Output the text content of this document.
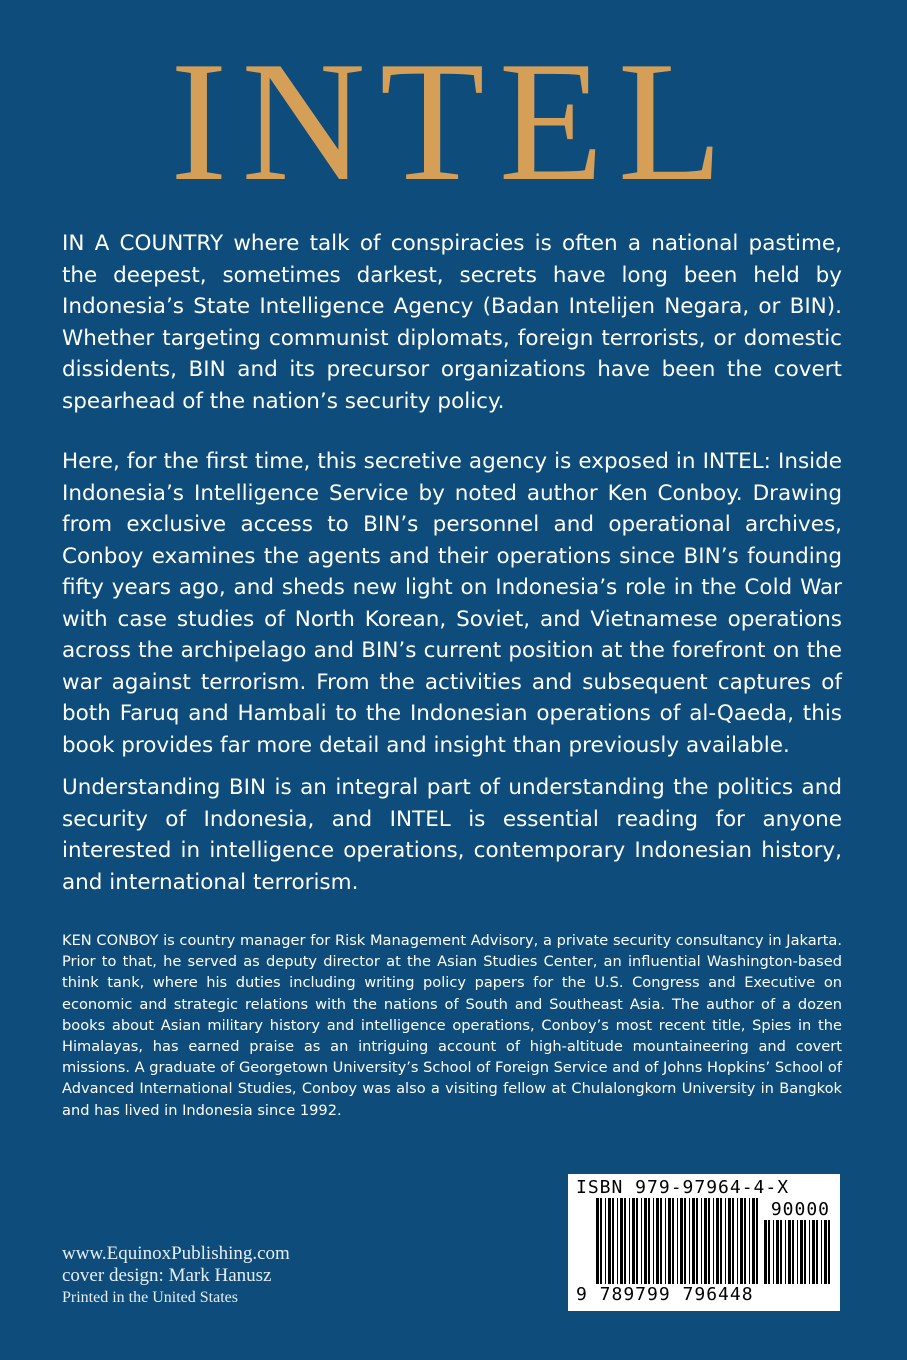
INTEL

IN A COUNTRY where talk of conspiracies is often a national pastime, the deepest, sometimes darkest, secrets have long been held by Indonesia’s State Intelligence Agency (Badan Intelijen Negara, or BIN). Whether targeting communist diplomats, foreign terrorists, or domestic dissidents, BIN and its precursor organizations have been the covert spearhead of the nation’s security policy.

Here, for the first time, this secretive agency is exposed in INTEL: Inside Indonesia’s Intelligence Service by noted author Ken Conboy. Drawing from exclusive access to BIN’s personnel and operational archives, Conboy examines the agents and their operations since BIN’s founding fifty years ago, and sheds new light on Indonesia’s role in the Cold War with case studies of North Korean, Soviet, and Vietnamese operations across the archipelago and BIN’s current position at the forefront on the war against terrorism. From the activities and subsequent captures of both Faruq and Hambali to the Indonesian operations of al-Qaeda, this book provides far more detail and insight than previously available.

Understanding BIN is an integral part of understanding the politics and security of Indonesia, and INTEL is essential reading for anyone interested in intelligence operations, contemporary Indonesian history, and international terrorism.

KEN CONBOY is country manager for Risk Management Advisory, a private security consultancy in Jakarta. Prior to that, he served as deputy director at the Asian Studies Center, an influential Washington-based think tank, where his duties including writing policy papers for the U.S. Congress and Executive on economic and strategic relations with the nations of South and Southeast Asia. The author of a dozen books about Asian military history and intelligence operations, Conboy’s most recent title, Spies in the Himalayas, has earned praise as an intriguing account of high-altitude mountaineering and covert missions. A graduate of Georgetown University’s School of Foreign Service and of Johns Hopkins’ School of Advanced International Studies, Conboy was also a visiting fellow at Chulalongkorn University in Bangkok and has lived in Indonesia since 1992.

www.EquinoxPublishing.com
cover design: Mark Hanusz
Printed in the United States
ISBN 979-97964-4-X
90000
9 789799 796448
